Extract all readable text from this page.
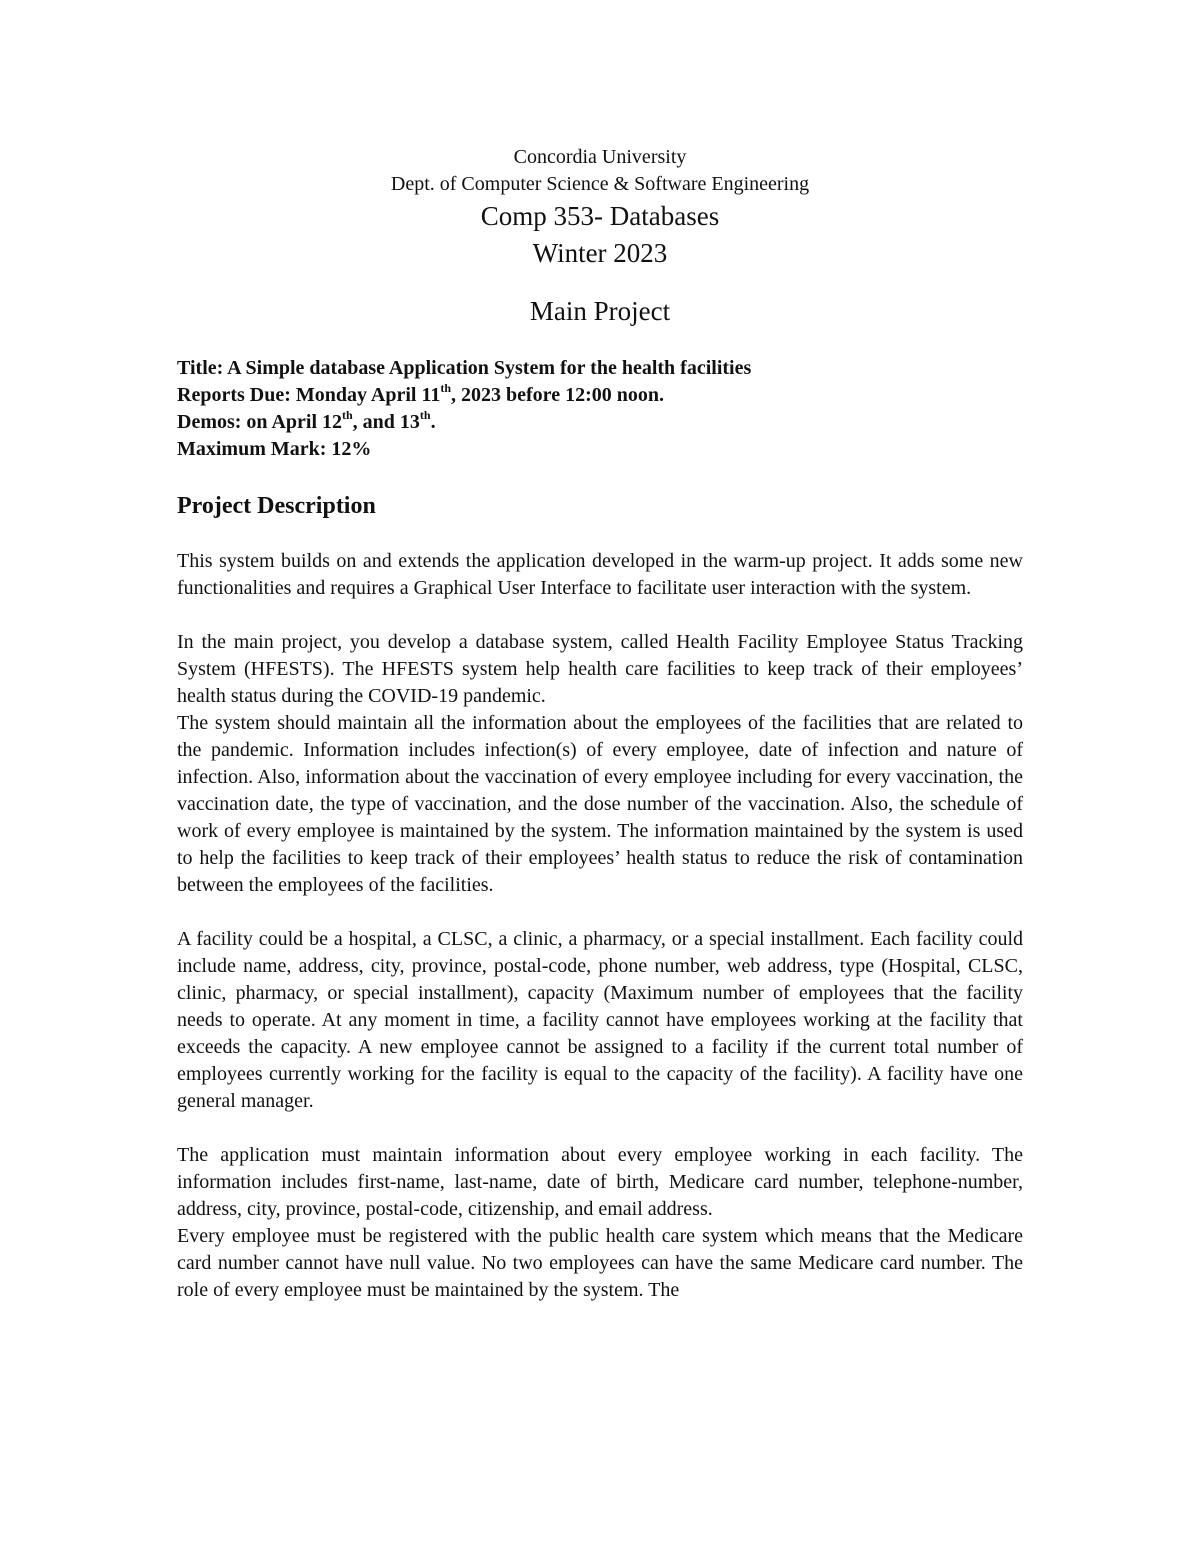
Concordia University
Dept. of Computer Science & Software Engineering
Comp 353- Databases
Winter 2023
Main Project
Title: A Simple database Application System for the health facilities
Reports Due: Monday April 11th, 2023 before 12:00 noon.
Demos: on April 12th, and 13th.
Maximum Mark: 12%
Project Description

This system builds on and extends the application developed in the warm-up project. It adds some new functionalities and requires a Graphical User Interface to facilitate user interaction with the system.

In the main project, you develop a database system, called Health Facility Employee Status Tracking System (HFESTS). The HFESTS system help health care facilities to keep track of their employees’ health status during the COVID-19 pandemic.

The system should maintain all the information about the employees of the facilities that are related to the pandemic. Information includes infection(s) of every employee, date of infection and nature of infection. Also, information about the vaccination of every employee including for every vaccination, the vaccination date, the type of vaccination, and the dose number of the vaccination. Also, the schedule of work of every employee is maintained by the system. The information maintained by the system is used to help the facilities to keep track of their employees’ health status to reduce the risk of contamination between the employees of the facilities.

A facility could be a hospital, a CLSC, a clinic, a pharmacy, or a special installment. Each facility could include name, address, city, province, postal-code, phone number, web address, type (Hospital, CLSC, clinic, pharmacy, or special installment), capacity (Maximum number of employees that the facility needs to operate. At any moment in time, a facility cannot have employees working at the facility that exceeds the capacity. A new employee cannot be assigned to a facility if the current total number of employees currently working for the facility is equal to the capacity of the facility). A facility have one general manager.

The application must maintain information about every employee working in each facility. The information includes first-name, last-name, date of birth, Medicare card number, telephone-number, address, city, province, postal-code, citizenship, and email address.

Every employee must be registered with the public health care system which means that the Medicare card number cannot have null value. No two employees can have the same Medicare card number. The role of every employee must be maintained by the system. The
